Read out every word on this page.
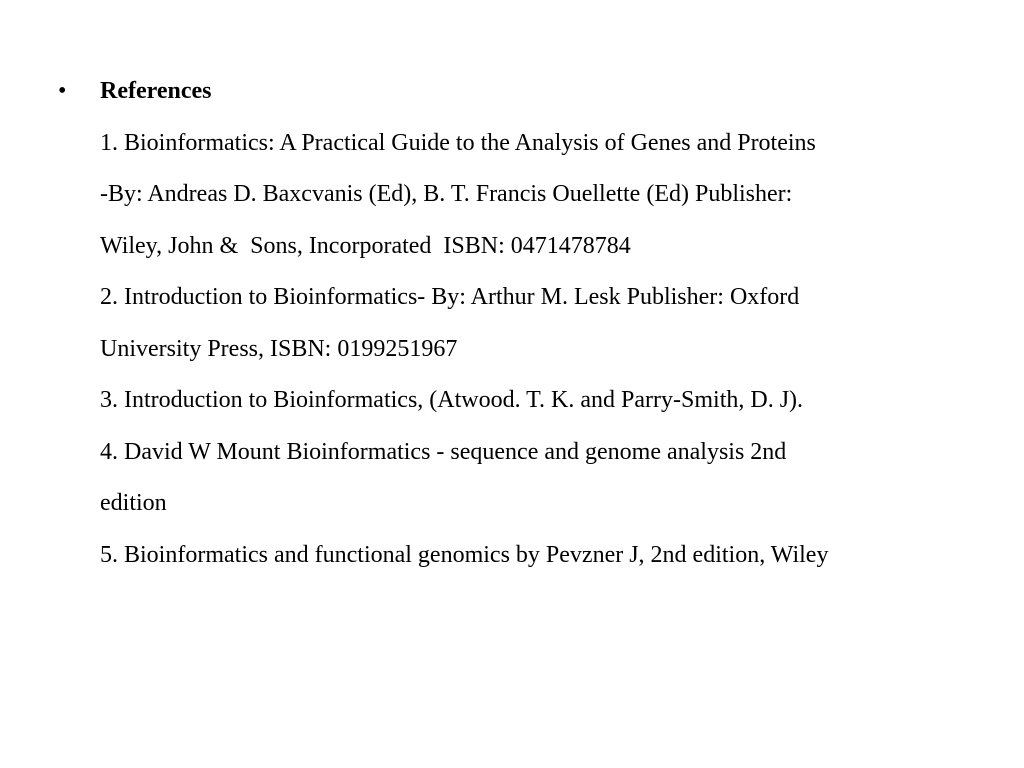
• References
1. Bioinformatics: A Practical Guide to the Analysis of Genes and Proteins
-By: Andreas D. Baxcvanis (Ed), B. T. Francis Ouellette (Ed) Publisher:
Wiley, John &  Sons, Incorporated  ISBN: 0471478784
2. Introduction to Bioinformatics- By: Arthur M. Lesk Publisher: Oxford
University Press, ISBN: 0199251967
3. Introduction to Bioinformatics, (Atwood. T. K. and Parry-Smith, D. J).
4. David W Mount Bioinformatics - sequence and genome analysis 2nd
edition
5. Bioinformatics and functional genomics by Pevzner J, 2nd edition, Wiley
